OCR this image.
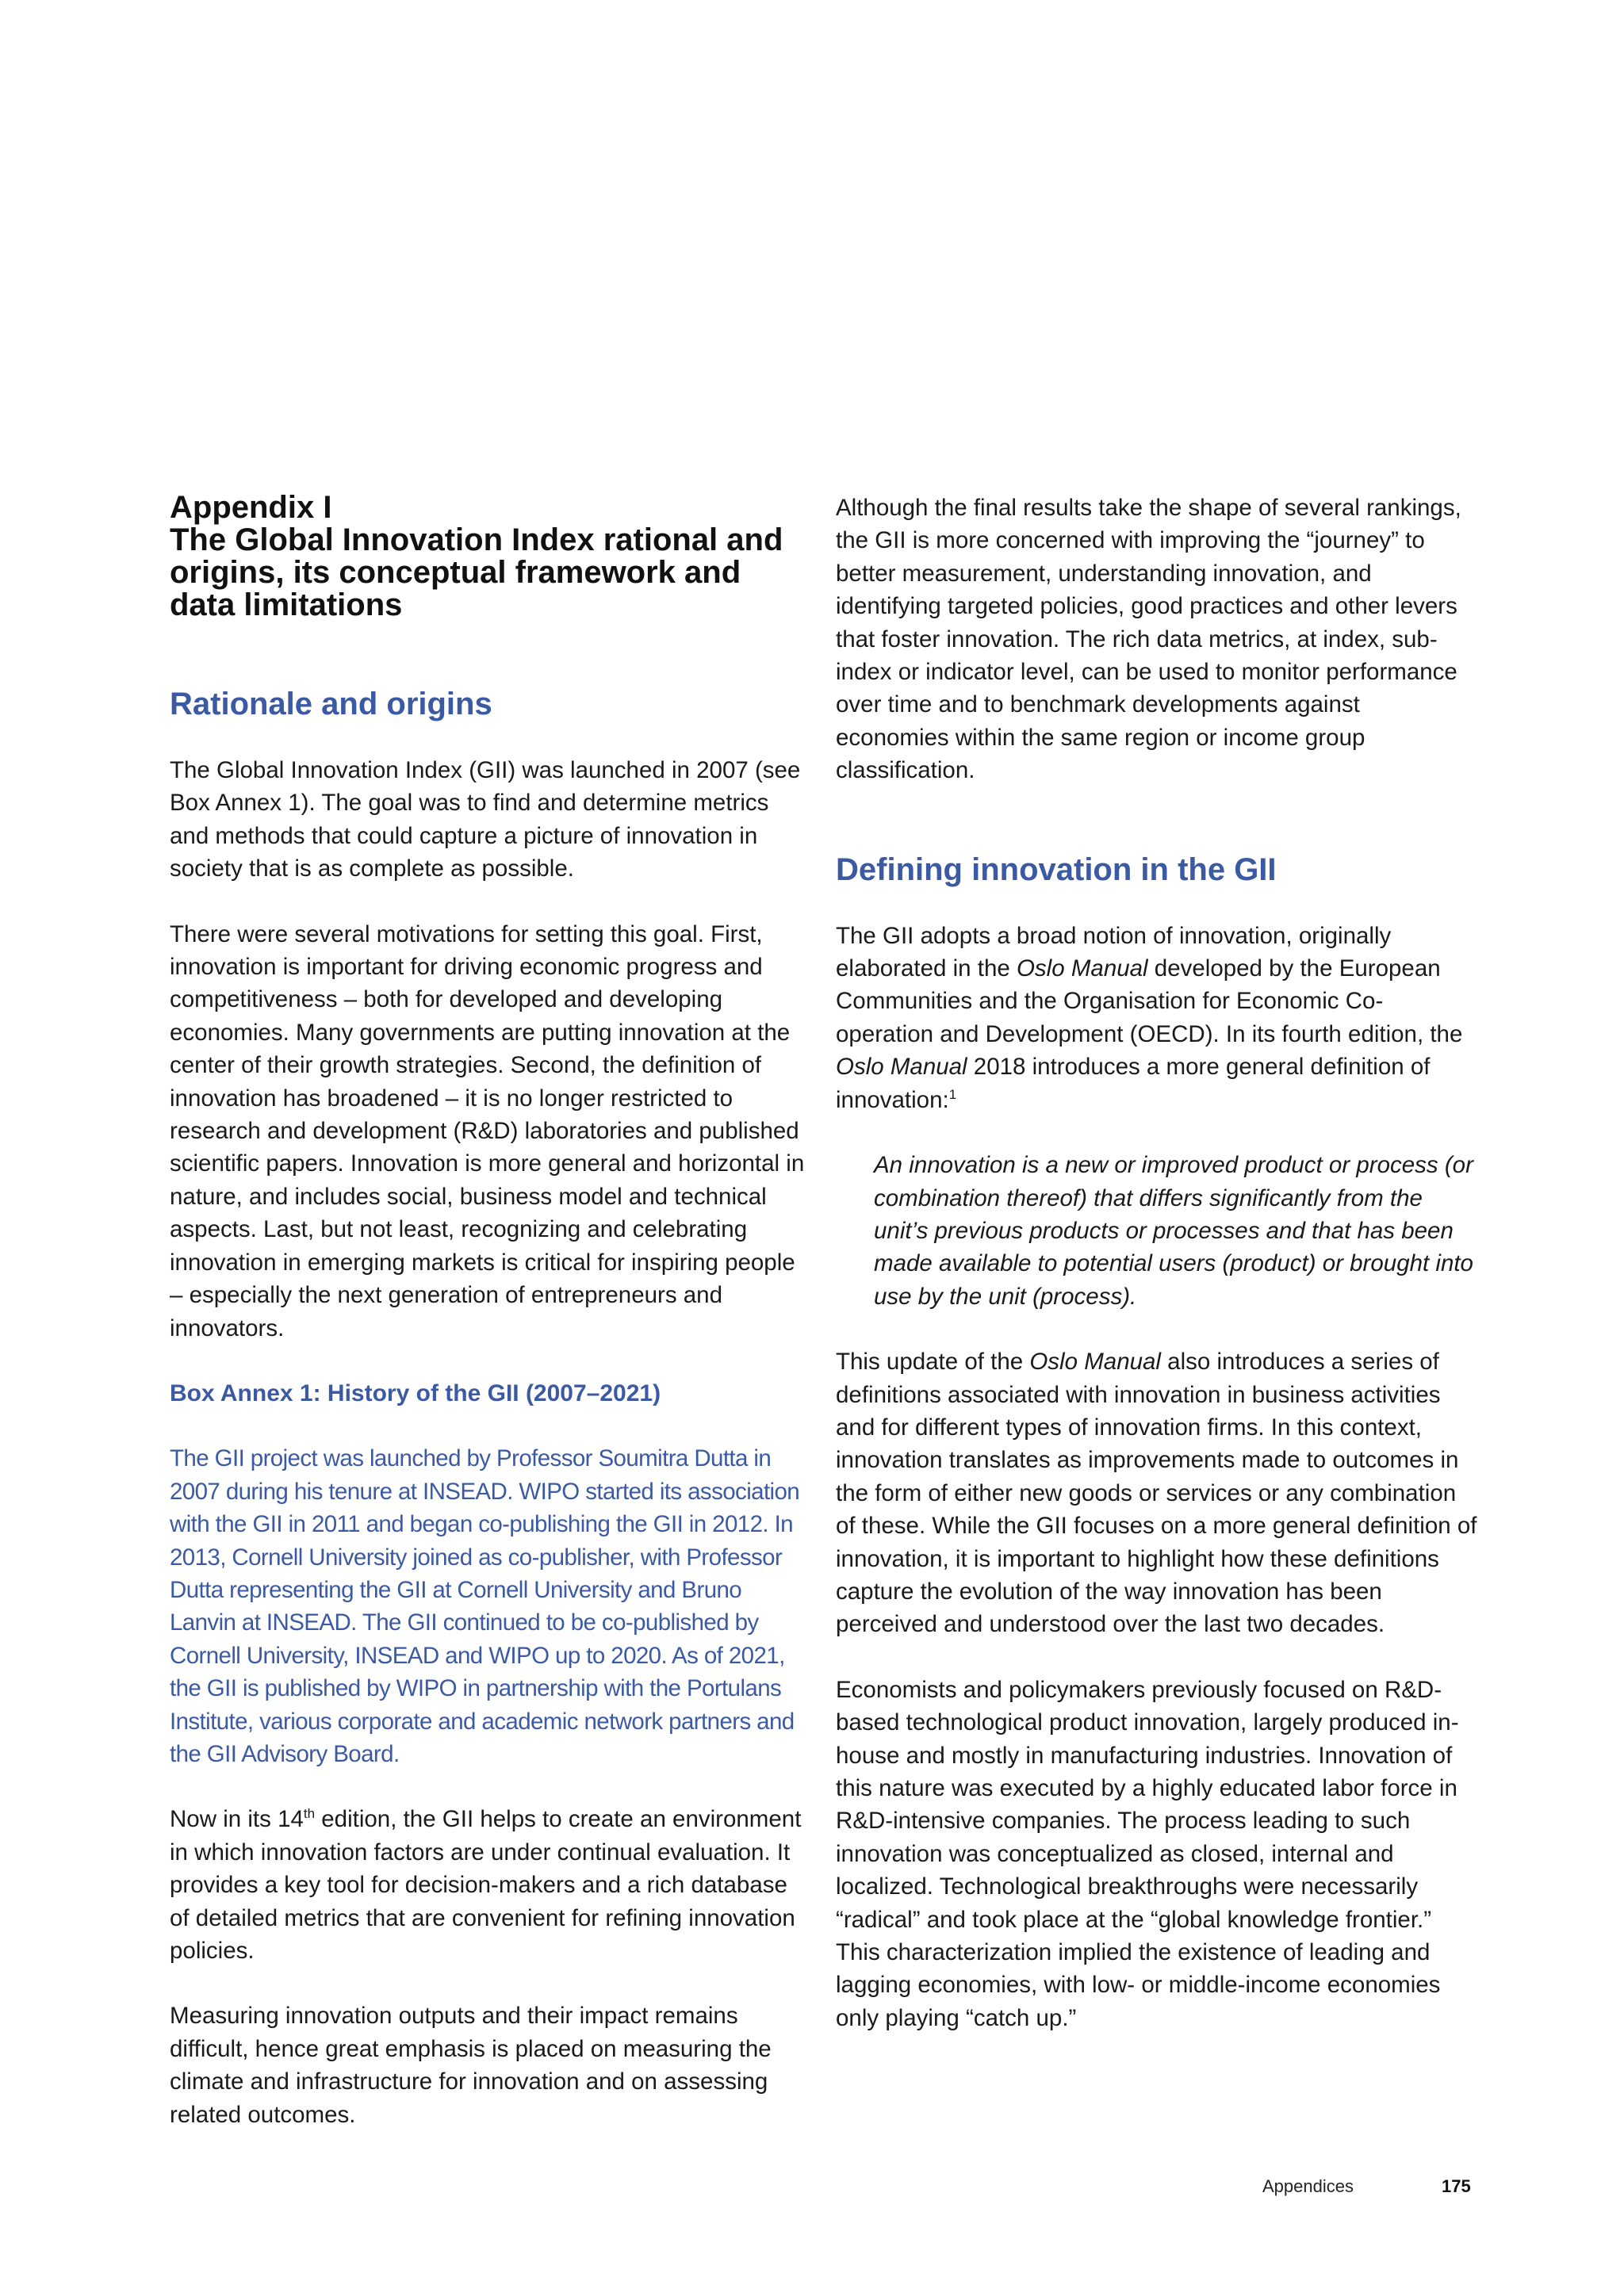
Appendix I
The Global Innovation Index rational and
origins, its conceptual framework and
data limitations
Rationale and origins

The Global Innovation Index (GII) was launched in 2007 (see Box Annex 1). The goal was to find and determine metrics and methods that could capture a picture of innovation in society that is as complete as possible.

There were several motivations for setting this goal. First, innovation is important for driving economic progress and competitiveness – both for developed and developing economies. Many governments are putting innovation at the center of their growth strategies. Second, the definition of innovation has broadened – it is no longer restricted to research and development (R&D) laboratories and published scientific papers. Innovation is more general and horizontal in nature, and includes social, business model and technical aspects. Last, but not least, recognizing and celebrating innovation in emerging markets is critical for inspiring people – especially the next generation of entrepreneurs and innovators.

Box Annex 1: History of the GII (2007–2021)

The GII project was launched by Professor Soumitra Dutta in 2007 during his tenure at INSEAD. WIPO started its association with the GII in 2011 and began co-publishing the GII in 2012. In 2013, Cornell University joined as co-publisher, with Professor Dutta representing the GII at Cornell University and Bruno Lanvin at INSEAD. The GII continued to be co-published by Cornell University, INSEAD and WIPO up to 2020. As of 2021, the GII is published by WIPO in partnership with the Portulans Institute, various corporate and academic network partners and the GII Advisory Board.

Now in its 14th edition, the GII helps to create an environment in which innovation factors are under continual evaluation. It provides a key tool for decision-makers and a rich database of detailed metrics that are convenient for refining innovation policies.

Measuring innovation outputs and their impact remains difficult, hence great emphasis is placed on measuring the climate and infrastructure for innovation and on assessing related outcomes.

Although the final results take the shape of several rankings, the GII is more concerned with improving the “journey” to better measurement, understanding innovation, and identifying targeted policies, good practices and other levers that foster innovation. The rich data metrics, at index, sub-index or indicator level, can be used to monitor performance over time and to benchmark developments against economies within the same region or income group classification.

Defining innovation in the GII

The GII adopts a broad notion of innovation, originally elaborated in the Oslo Manual developed by the European Communities and the Organisation for Economic Co-operation and Development (OECD). In its fourth edition, the Oslo Manual 2018 introduces a more general definition of innovation:$^1$

An innovation is a new or improved product or process (or combination thereof) that differs significantly from the unit’s previous products or processes and that has been made available to potential users (product) or brought into use by the unit (process).

This update of the Oslo Manual also introduces a series of definitions associated with innovation in business activities and for different types of innovation firms. In this context, innovation translates as improvements made to outcomes in the form of either new goods or services or any combination of these. While the GII focuses on a more general definition of innovation, it is important to highlight how these definitions capture the evolution of the way innovation has been perceived and understood over the last two decades.

Economists and policymakers previously focused on R&D-based technological product innovation, largely produced in-house and mostly in manufacturing industries. Innovation of this nature was executed by a highly educated labor force in R&D-intensive companies. The process leading to such innovation was conceptualized as closed, internal and localized. Technological breakthroughs were necessarily “radical” and took place at the “global knowledge frontier.” This characterization implied the existence of leading and lagging economies, with low- or middle-income economies only playing “catch up.”

Appendices	175
